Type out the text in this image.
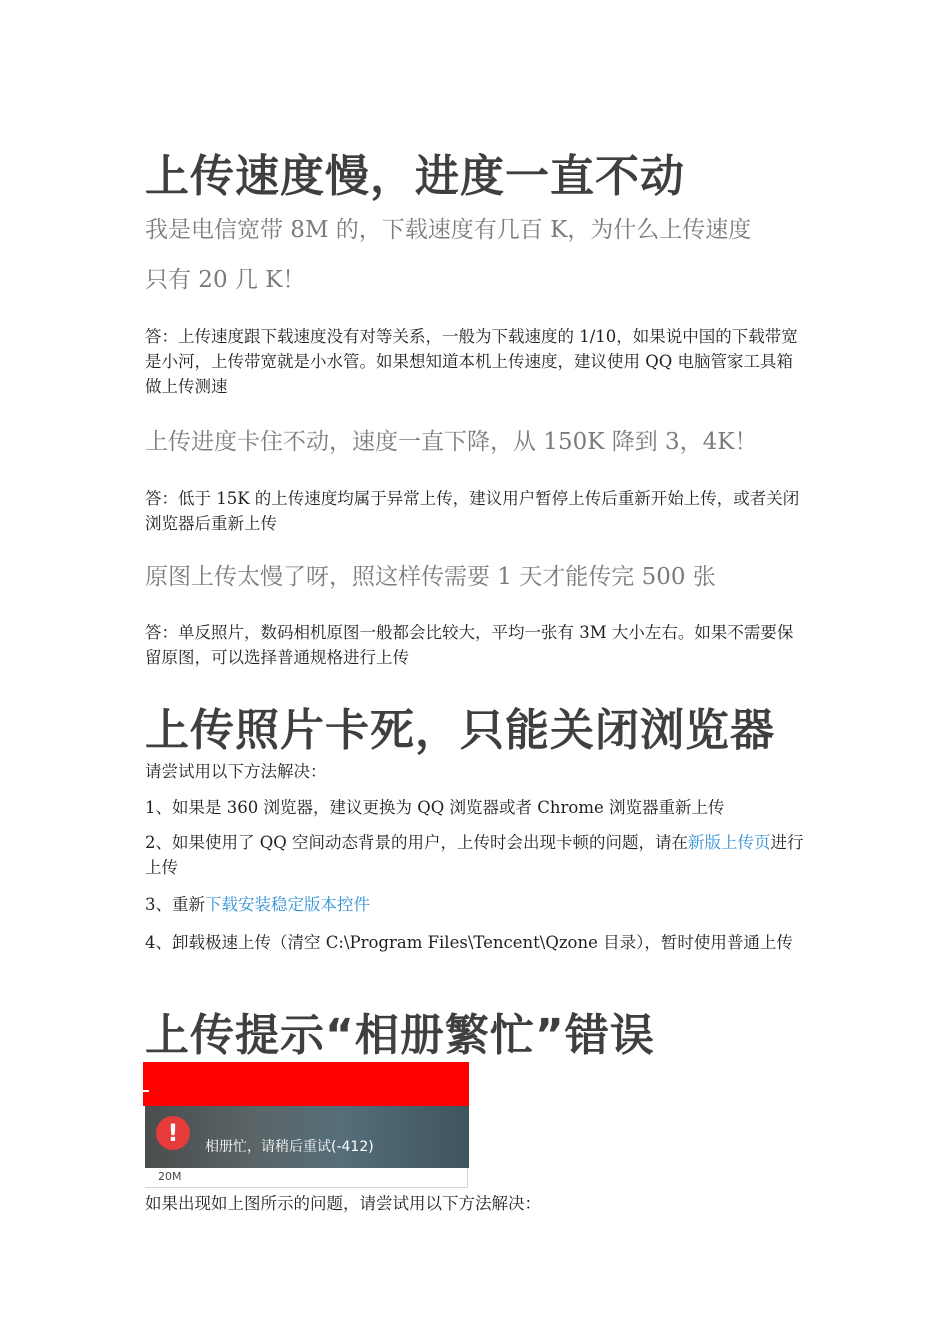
上传速度慢，进度一直不动
我是电信宽带 8M 的，下载速度有几百 K，为什么上传速度
只有 20 几 K！

答：上传速度跟下载速度没有对等关系，一般为下载速度的 1/10，如果说中国的下载带宽是小河，上传带宽就是小水管。如果想知道本机上传速度，建议使用 QQ 电脑管家工具箱做上传测速

上传进度卡住不动，速度一直下降，从 150K 降到 3，4K！

答：低于 15K 的上传速度均属于异常上传，建议用户暂停上传后重新开始上传，或者关闭浏览器后重新上传

原图上传太慢了呀，照这样传需要 1 天才能传完 500 张

答：单反照片，数码相机原图一般都会比较大，平均一张有 3M 大小左右。如果不需要保留原图，可以选择普通规格进行上传

上传照片卡死，只能关闭浏览器

请尝试用以下方法解决：

1、如果是 360 浏览器，建议更换为 QQ 浏览器或者 Chrome 浏览器重新上传

2、如果使用了 QQ 空间动态背景的用户，上传时会出现卡顿的问题，请在新版上传页进行上传

3、重新下载安装稳定版本控件

4、卸载极速上传（清空 C:\Program Files\Tencent\Qzone 目录），暂时使用普通上传

上传提示“相册繁忙”错误
!	相册忙，请稍后重试(-412)
20M

如果出现如上图所示的问题，请尝试用以下方法解决：
